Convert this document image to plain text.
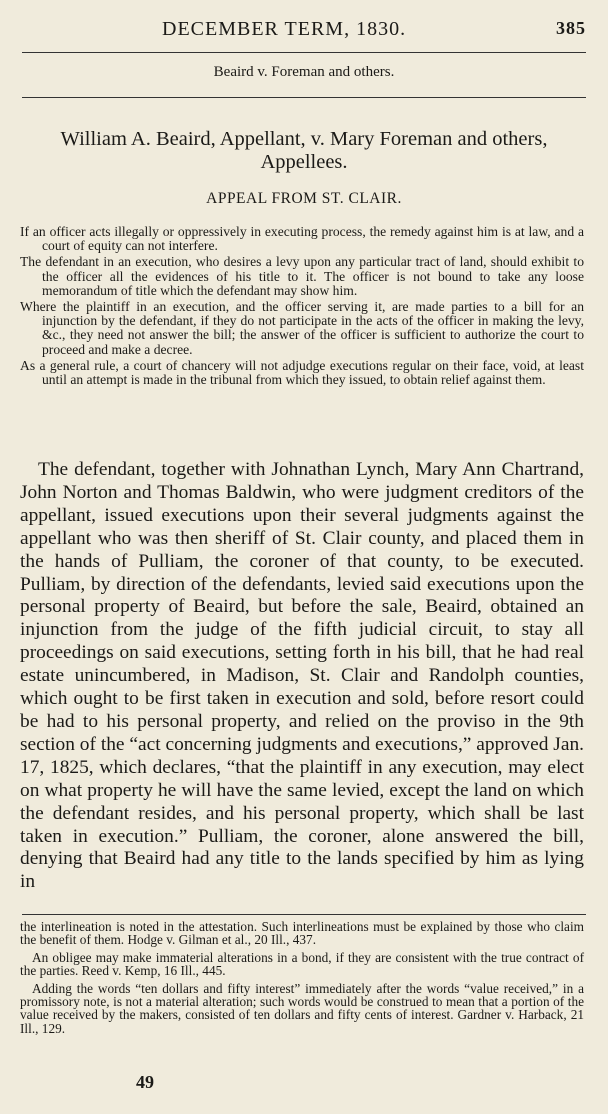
DECEMBER TERM, 1830.	385
Beaird v. Foreman and others.
William A. Beaird, Appellant, v. Mary Foreman and others, Appellees.
APPEAL FROM ST. CLAIR.

If an officer acts illegally or oppressively in executing process, the remedy against him is at law, and a court of equity can not interfere.

The defendant in an execution, who desires a levy upon any particular tract of land, should exhibit to the officer all the evidences of his title to it. The officer is not bound to take any loose memorandum of title which the defendant may show him.

Where the plaintiff in an execution, and the officer serving it, are made parties to a bill for an injunction by the defendant, if they do not participate in the acts of the officer in making the levy, &c., they need not answer the bill; the answer of the officer is sufficient to authorize the court to proceed and make a decree.

As a general rule, a court of chancery will not adjudge executions regular on their face, void, at least until an attempt is made in the tribunal from which they issued, to obtain relief against them.

The defendant, together with Johnathan Lynch, Mary Ann Chartrand, John Norton and Thomas Baldwin, who were judgment creditors of the appellant, issued executions upon their several judgments against the appellant who was then sheriff of St. Clair county, and placed them in the hands of Pulliam, the coroner of that county, to be executed. Pulliam, by direction of the defendants, levied said executions upon the personal property of Beaird, but before the sale, Beaird, obtained an injunction from the judge of the fifth judicial circuit, to stay all proceedings on said executions, setting forth in his bill, that he had real estate unincumbered, in Madison, St. Clair and Randolph counties, which ought to be first taken in execution and sold, before resort could be had to his personal property, and relied on the proviso in the 9th section of the “act concerning judgments and executions,” approved Jan. 17, 1825, which declares, “that the plaintiff in any execution, may elect on what property he will have the same levied, except the land on which the defendant resides, and his personal property, which shall be last taken in execution.” Pulliam, the coroner, alone answered the bill, denying that Beaird had any title to the lands specified by him as lying in

the interlineation is noted in the attestation. Such interlineations must be explained by those who claim the benefit of them. Hodge v. Gilman et al., 20 Ill., 437.

An obligee may make immaterial alterations in a bond, if they are consistent with the true contract of the parties. Reed v. Kemp, 16 Ill., 445.

Adding the words “ten dollars and fifty interest” immediately after the words “value received,” in a promissory note, is not a material alteration; such words would be construed to mean that a portion of the value received by the makers, consisted of ten dollars and fifty cents of interest. Gardner v. Harback, 21 Ill., 129.

49
